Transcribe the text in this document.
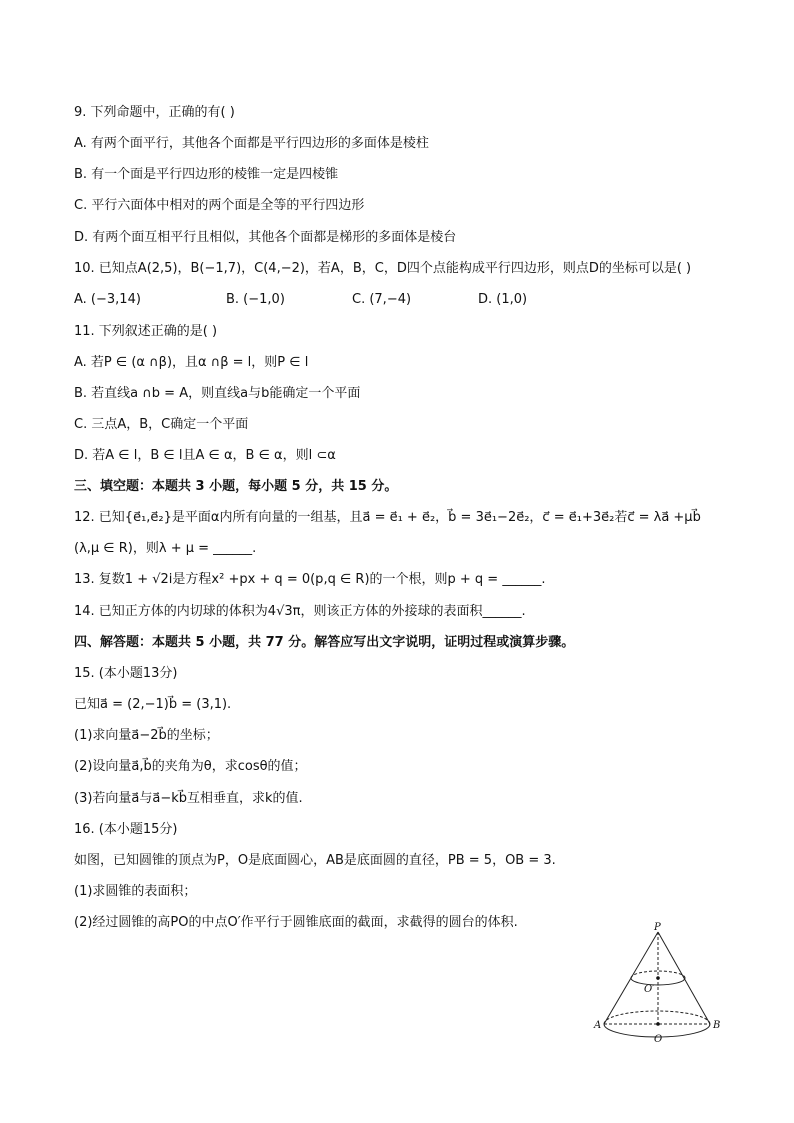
9. 下列命题中，正确的有( )
A. 有两个面平行，其他各个面都是平行四边形的多面体是棱柱
B. 有一个面是平行四边形的棱锥一定是四棱锥
C. 平行六面体中相对的两个面是全等的平行四边形
D. 有两个面互相平行且相似，其他各个面都是梯形的多面体是棱台
10. 已知点A(2,5)，B(−1,7)，C(4,−2)，若A，B，C，D四个点能构成平行四边形，则点D的坐标可以是( )
A. (−3,14)	B. (−1,0)	C. (7,−4)	D. (1,0)
11. 下列叙述正确的是( )
A. 若P ∈ (α ∩β)，且α ∩β = l，则P ∈ l
B. 若直线a ∩b = A，则直线a与b能确定一个平面
C. 三点A，B，C确定一个平面
D. 若A ∈ l，B ∈ l且A ∈ α，B ∈ α，则l ⊂α
三、填空题：本题共 3 小题，每小题 5 分，共 15 分。
12. 已知{e⃗₁,e⃗₂}是平面α内所有向量的一组基，且a⃗ = e⃗₁ + e⃗₂，b⃗ = 3e⃗₁−2e⃗₂，c⃗ = e⃗₁+3e⃗₂若c⃗ = λa⃗ +μb⃗
(λ,μ ∈ R)，则λ + μ = ______.
13. 复数1 + √2i是方程x² +px + q = 0(p,q ∈ R)的一个根，则p + q = ______.
14. 已知正方体的内切球的体积为4√3π，则该正方体的外接球的表面积______.
四、解答题：本题共 5 小题，共 77 分。解答应写出文字说明，证明过程或演算步骤。
15. (本小题13分)
已知a⃗ = (2,−1)b⃗ = (3,1).
(1)求向量a⃗−2b⃗的坐标；
(2)设向量a⃗,b⃗的夹角为θ，求cosθ的值；
(3)若向量a⃗与a⃗−kb⃗互相垂直，求k的值.
16. (本小题15分)
如图，已知圆锥的顶点为P，O是底面圆心，AB是底面圆的直径，PB = 5，OB = 3.
(1)求圆锥的表面积；
(2)经过圆锥的高PO的中点O′作平行于圆锥底面的截面，求截得的圆台的体积.	P
O′
A	B
O
